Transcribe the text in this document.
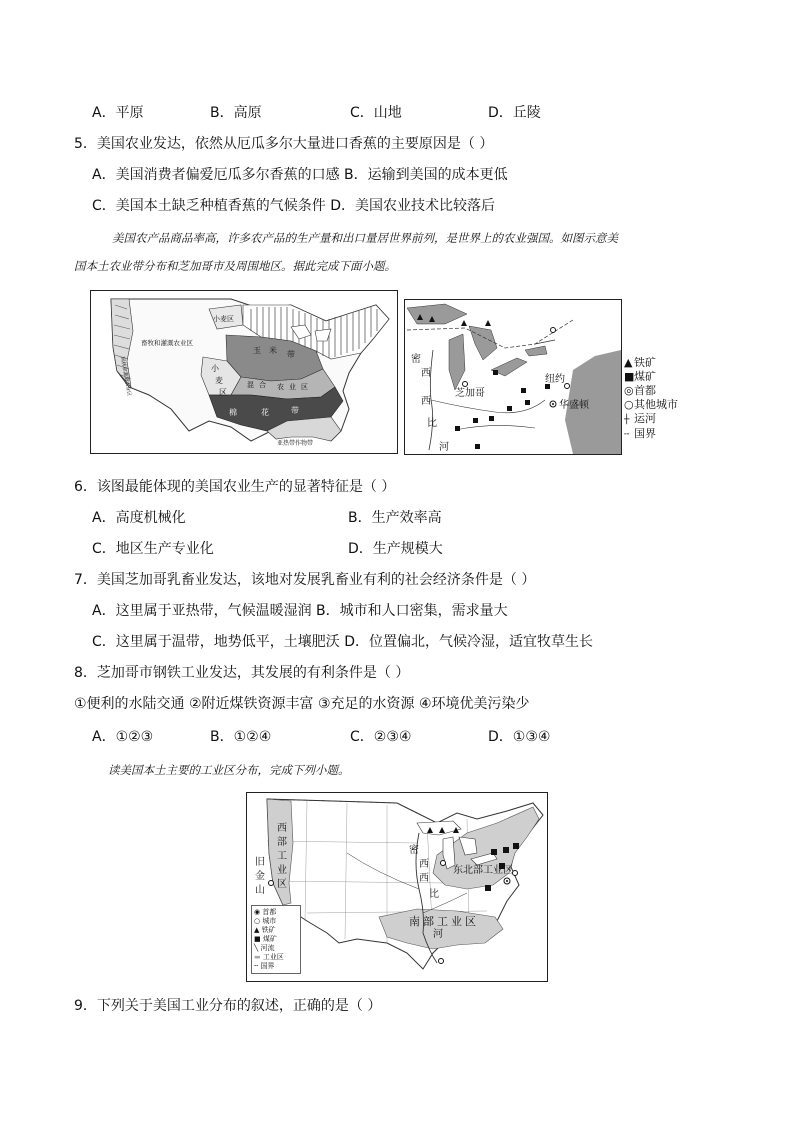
A．平原	B．高原	C．山地	D．丘陵
5．美国农业发达，依然从厄瓜多尔大量进口香蕉的主要原因是（ ）
A．美国消费者偏爱厄瓜多尔香蕉的口感 B．运输到美国的成本更低
C．美国本土缺乏种植香蕉的气候条件 D．美国农业技术比较落后
美国农产品商品率高，许多农产品的生产量和出口量居世界前列，是世界上的农业强国。如图示意美
国本土农业带分布和芝加哥市及周围地区。据此完成下面小题。
小麦区
畜牧和灌溉农业区
玉 米 带
小
麦
区
混 合 农 业 区
棉	花	带
亚热带作物带
园林和灌溉农业区	密
西
西
比
河
芝加哥
纽约
华盛顿
▲ 铁矿
■煤矿
◎首都
○其他城市
┼ 运河
╌ 国界
6．该图最能体现的美国农业生产的显著特征是（ ）
A．高度机械化	B．生产效率高
C．地区生产专业化	D．生产规模大
7．美国芝加哥乳畜业发达，该地对发展乳畜业有利的社会经济条件是（ ）
A．这里属于亚热带，气候温暖湿润 B．城市和人口密集，需求量大
C．这里属于温带，地势低平，土壤肥沃 D．位置偏北，气候冷湿，适宜牧草生长
8．芝加哥市钢铁工业发达，其发展的有利条件是（ ）
①便利的水陆交通 ②附近煤铁资源丰富 ③充足的水资源 ④环境优美污染少
A．①②③	B．①②④	C．②③④	D．①③④
读美国本土主要的工业区分布，完成下列小题。
西
部
工
业
区
旧
金
山
密
西
西
比
河
东北部工业区
南部工业区
◉ 首都
○ 城市
▲ 铁矿
■ 煤矿
╲ 河流
▬ 工业区
╌ 国界
9．下列关于美国工业分布的叙述，正确的是（ ）
